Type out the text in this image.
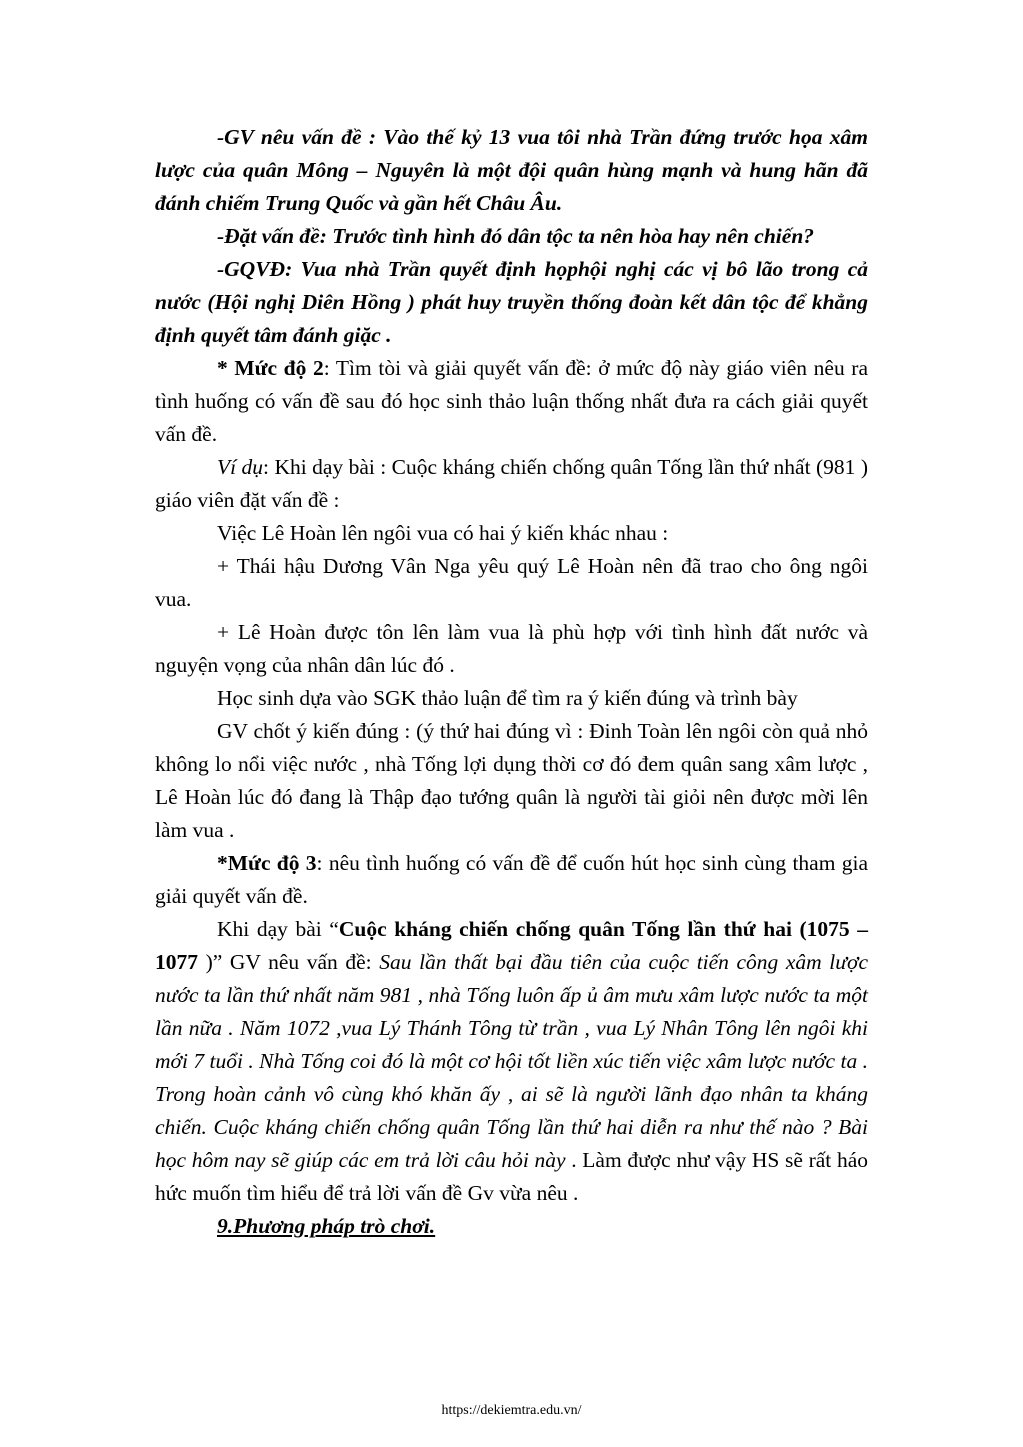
-GV nêu vấn đề : Vào thế kỷ 13 vua tôi nhà Trần đứng trước họa xâm lược của quân Mông – Nguyên là một đội quân hùng mạnh và hung hãn đã đánh chiếm Trung Quốc và gần hết Châu Âu.

-Đặt vấn đề: Trước tình hình đó dân tộc ta nên hòa hay nên chiến?

-GQVĐ: Vua nhà Trần quyết định họphội nghị các vị bô lão trong cả nước (Hội nghị Diên Hồng ) phát huy truyền thống đoàn kết dân tộc để khẳng định quyết tâm đánh giặc .

* Mức độ 2: Tìm tòi và giải quyết vấn đề: ở mức độ này giáo viên nêu ra tình huống có vấn đề sau đó học sinh thảo luận thống nhất đưa ra cách giải quyết vấn đề.

Ví dụ: Khi dạy bài : Cuộc kháng chiến chống quân Tống lần thứ nhất (981 ) giáo viên đặt vấn đề :

Việc Lê Hoàn lên ngôi vua có hai ý kiến khác nhau :

+ Thái hậu Dương Vân Nga yêu quý Lê Hoàn nên đã trao cho ông ngôi vua.

+ Lê Hoàn được tôn lên làm vua là phù hợp với tình hình đất nước và nguyện vọng của nhân dân lúc đó .

Học sinh dựa vào SGK thảo luận để tìm ra ý kiến đúng và trình bày

GV chốt ý kiến đúng : (ý thứ hai đúng vì : Đinh Toàn lên ngôi còn quả nhỏ không lo nổi việc nước , nhà Tống lợi dụng thời cơ đó đem quân sang xâm lược , Lê Hoàn lúc đó đang là Thập đạo tướng quân là người tài giỏi nên được mời lên làm vua .

*Mức độ 3: nêu tình huống có vấn đề để cuốn hút học sinh cùng tham gia giải quyết vấn đề.

Khi dạy bài “Cuộc kháng chiến chống quân Tống lần thứ hai (1075 – 1077 )” GV nêu vấn đề: Sau lần thất bại đầu tiên của cuộc tiến công xâm lược nước ta lần thứ nhất năm 981 , nhà Tống luôn ấp ủ âm mưu xâm lược nước ta một lần nữa . Năm 1072 ,vua Lý Thánh Tông từ trần , vua Lý Nhân Tông lên ngôi khi mới 7 tuổi . Nhà Tống coi đó là một cơ hội tốt liền xúc tiến việc xâm lược nước ta . Trong hoàn cảnh vô cùng khó khăn ấy , ai sẽ là người lãnh đạo nhân ta kháng chiến. Cuộc kháng chiến chống quân Tống lần thứ hai diễn ra như thế nào ? Bài học hôm nay sẽ giúp các em trả lời câu hỏi này . Làm được như vậy HS sẽ rất háo hức muốn tìm hiểu để trả lời vấn đề Gv vừa nêu .

9.Phương pháp trò chơi.

https://dekiemtra.edu.vn/
